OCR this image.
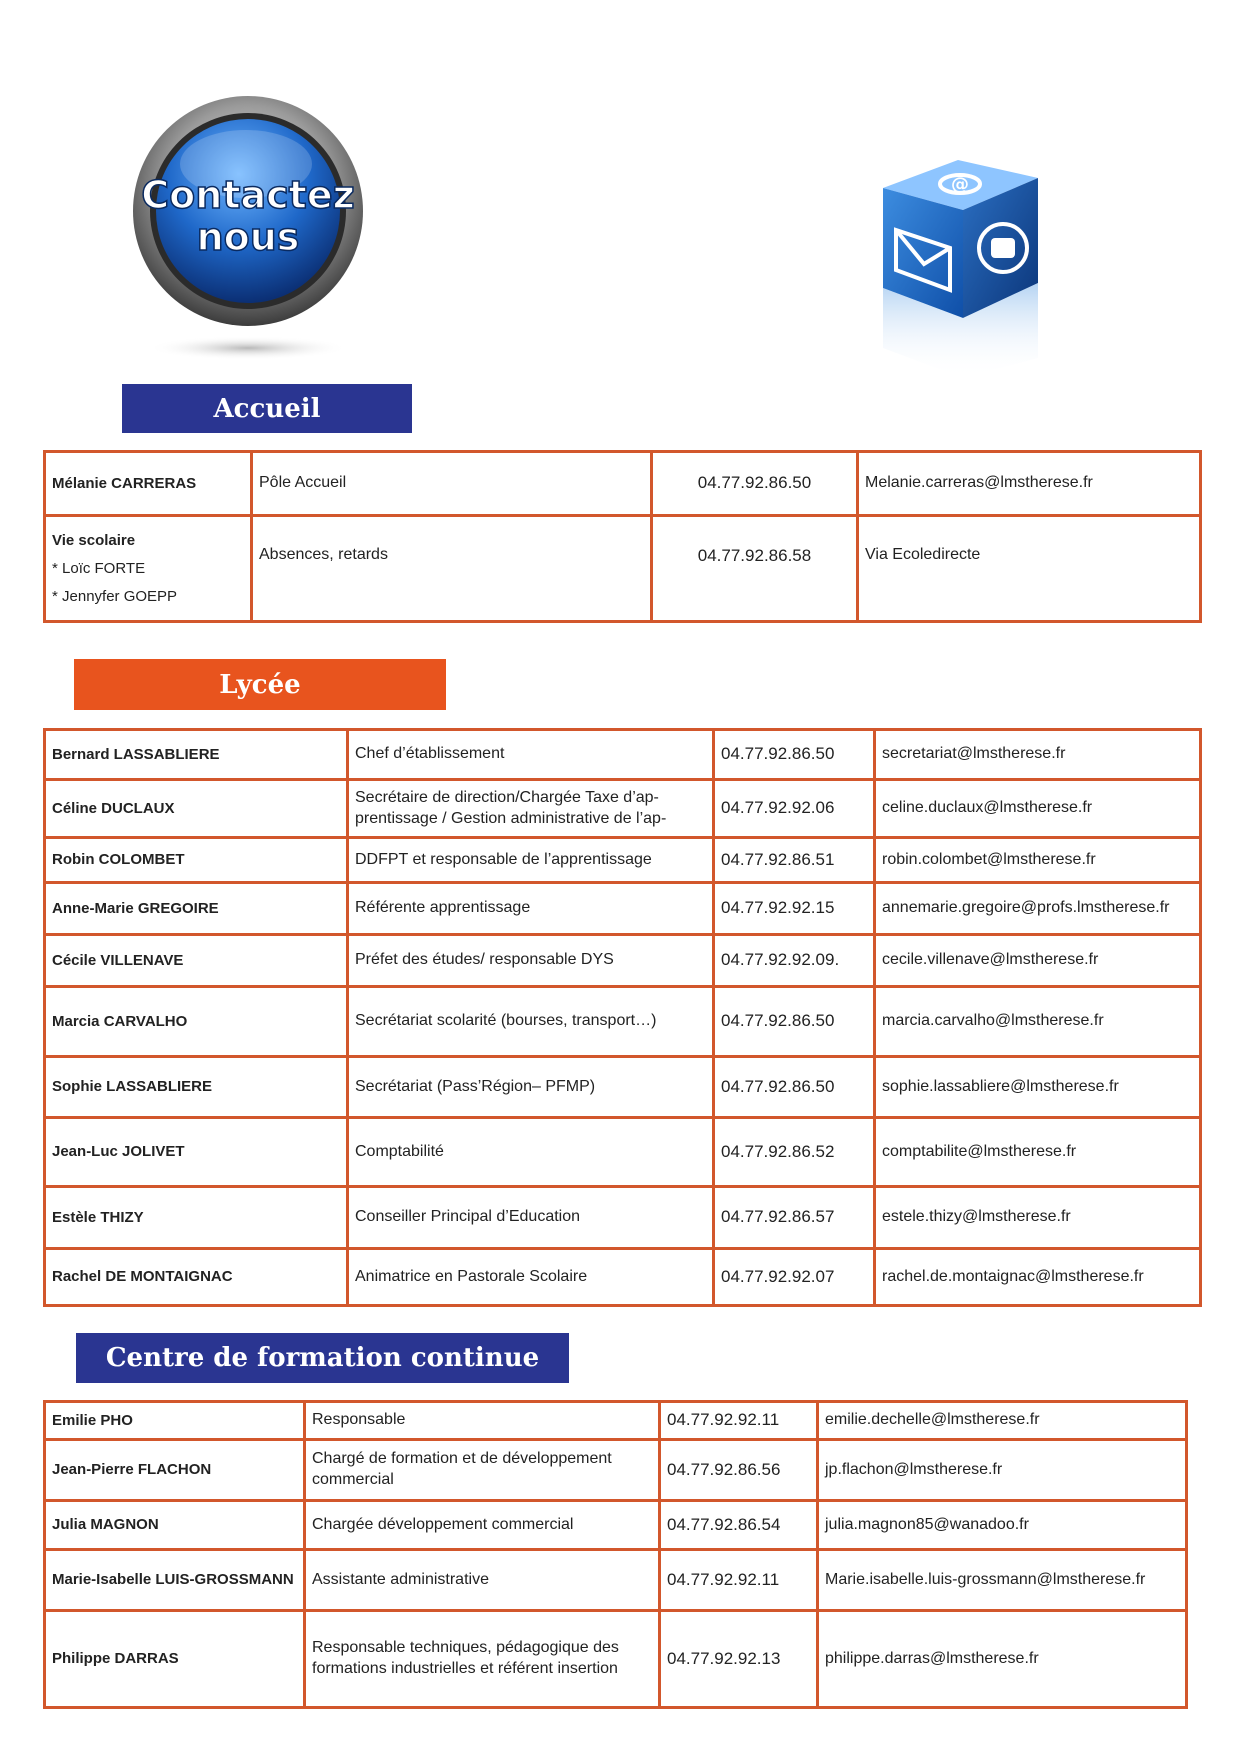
Contactez
nous
@
Accueil
Mélanie CARRERAS	Pôle Accueil	04.77.92.86.50	Melanie.carreras@lmstherese.fr

Vie scolaire
* Loïc FORTE
* Jennyfer GOEPP	Absences, retards	04.77.92.86.58	Via Ecoledirecte
Lycée
Bernard LASSABLIERE	Chef d’établissement	04.77.92.86.50	secretariat@lmstherese.fr
Céline DUCLAUX	Secrétaire de direction/Chargée Taxe d’ap-prentissage / Gestion administrative de l’ap-	04.77.92.92.06	celine.duclaux@lmstherese.fr
Robin COLOMBET	DDFPT et responsable de l’apprentissage	04.77.92.86.51	robin.colombet@lmstherese.fr
Anne-Marie GREGOIRE	Référente apprentissage	04.77.92.92.15	annemarie.gregoire@profs.lmstherese.fr
Cécile VILLENAVE	Préfet des études/ responsable DYS	04.77.92.92.09.	cecile.villenave@lmstherese.fr
Marcia CARVALHO	Secrétariat scolarité (bourses, transport…)	04.77.92.86.50	marcia.carvalho@lmstherese.fr
Sophie LASSABLIERE	Secrétariat (Pass’Région– PFMP)	04.77.92.86.50	sophie.lassabliere@lmstherese.fr
Jean-Luc JOLIVET	Comptabilité	04.77.92.86.52	comptabilite@lmstherese.fr
Estèle THIZY	Conseiller Principal d’Education	04.77.92.86.57	estele.thizy@lmstherese.fr
Rachel DE MONTAIGNAC	Animatrice en Pastorale Scolaire	04.77.92.92.07	rachel.de.montaignac@lmstherese.fr
Centre de formation continue
Emilie PHO	Responsable	04.77.92.92.11	emilie.dechelle@lmstherese.fr
Jean-Pierre FLACHON	Chargé de formation et de développement commercial	04.77.92.86.56	jp.flachon@lmstherese.fr
Julia MAGNON	Chargée développement commercial	04.77.92.86.54	julia.magnon85@wanadoo.fr
Marie-Isabelle LUIS-GROSSMANN	Assistante administrative	04.77.92.92.11	Marie.isabelle.luis-grossmann@lmstherese.fr
Philippe DARRAS	Responsable techniques, pédagogique des formations industrielles et référent insertion	04.77.92.92.13	philippe.darras@lmstherese.fr
